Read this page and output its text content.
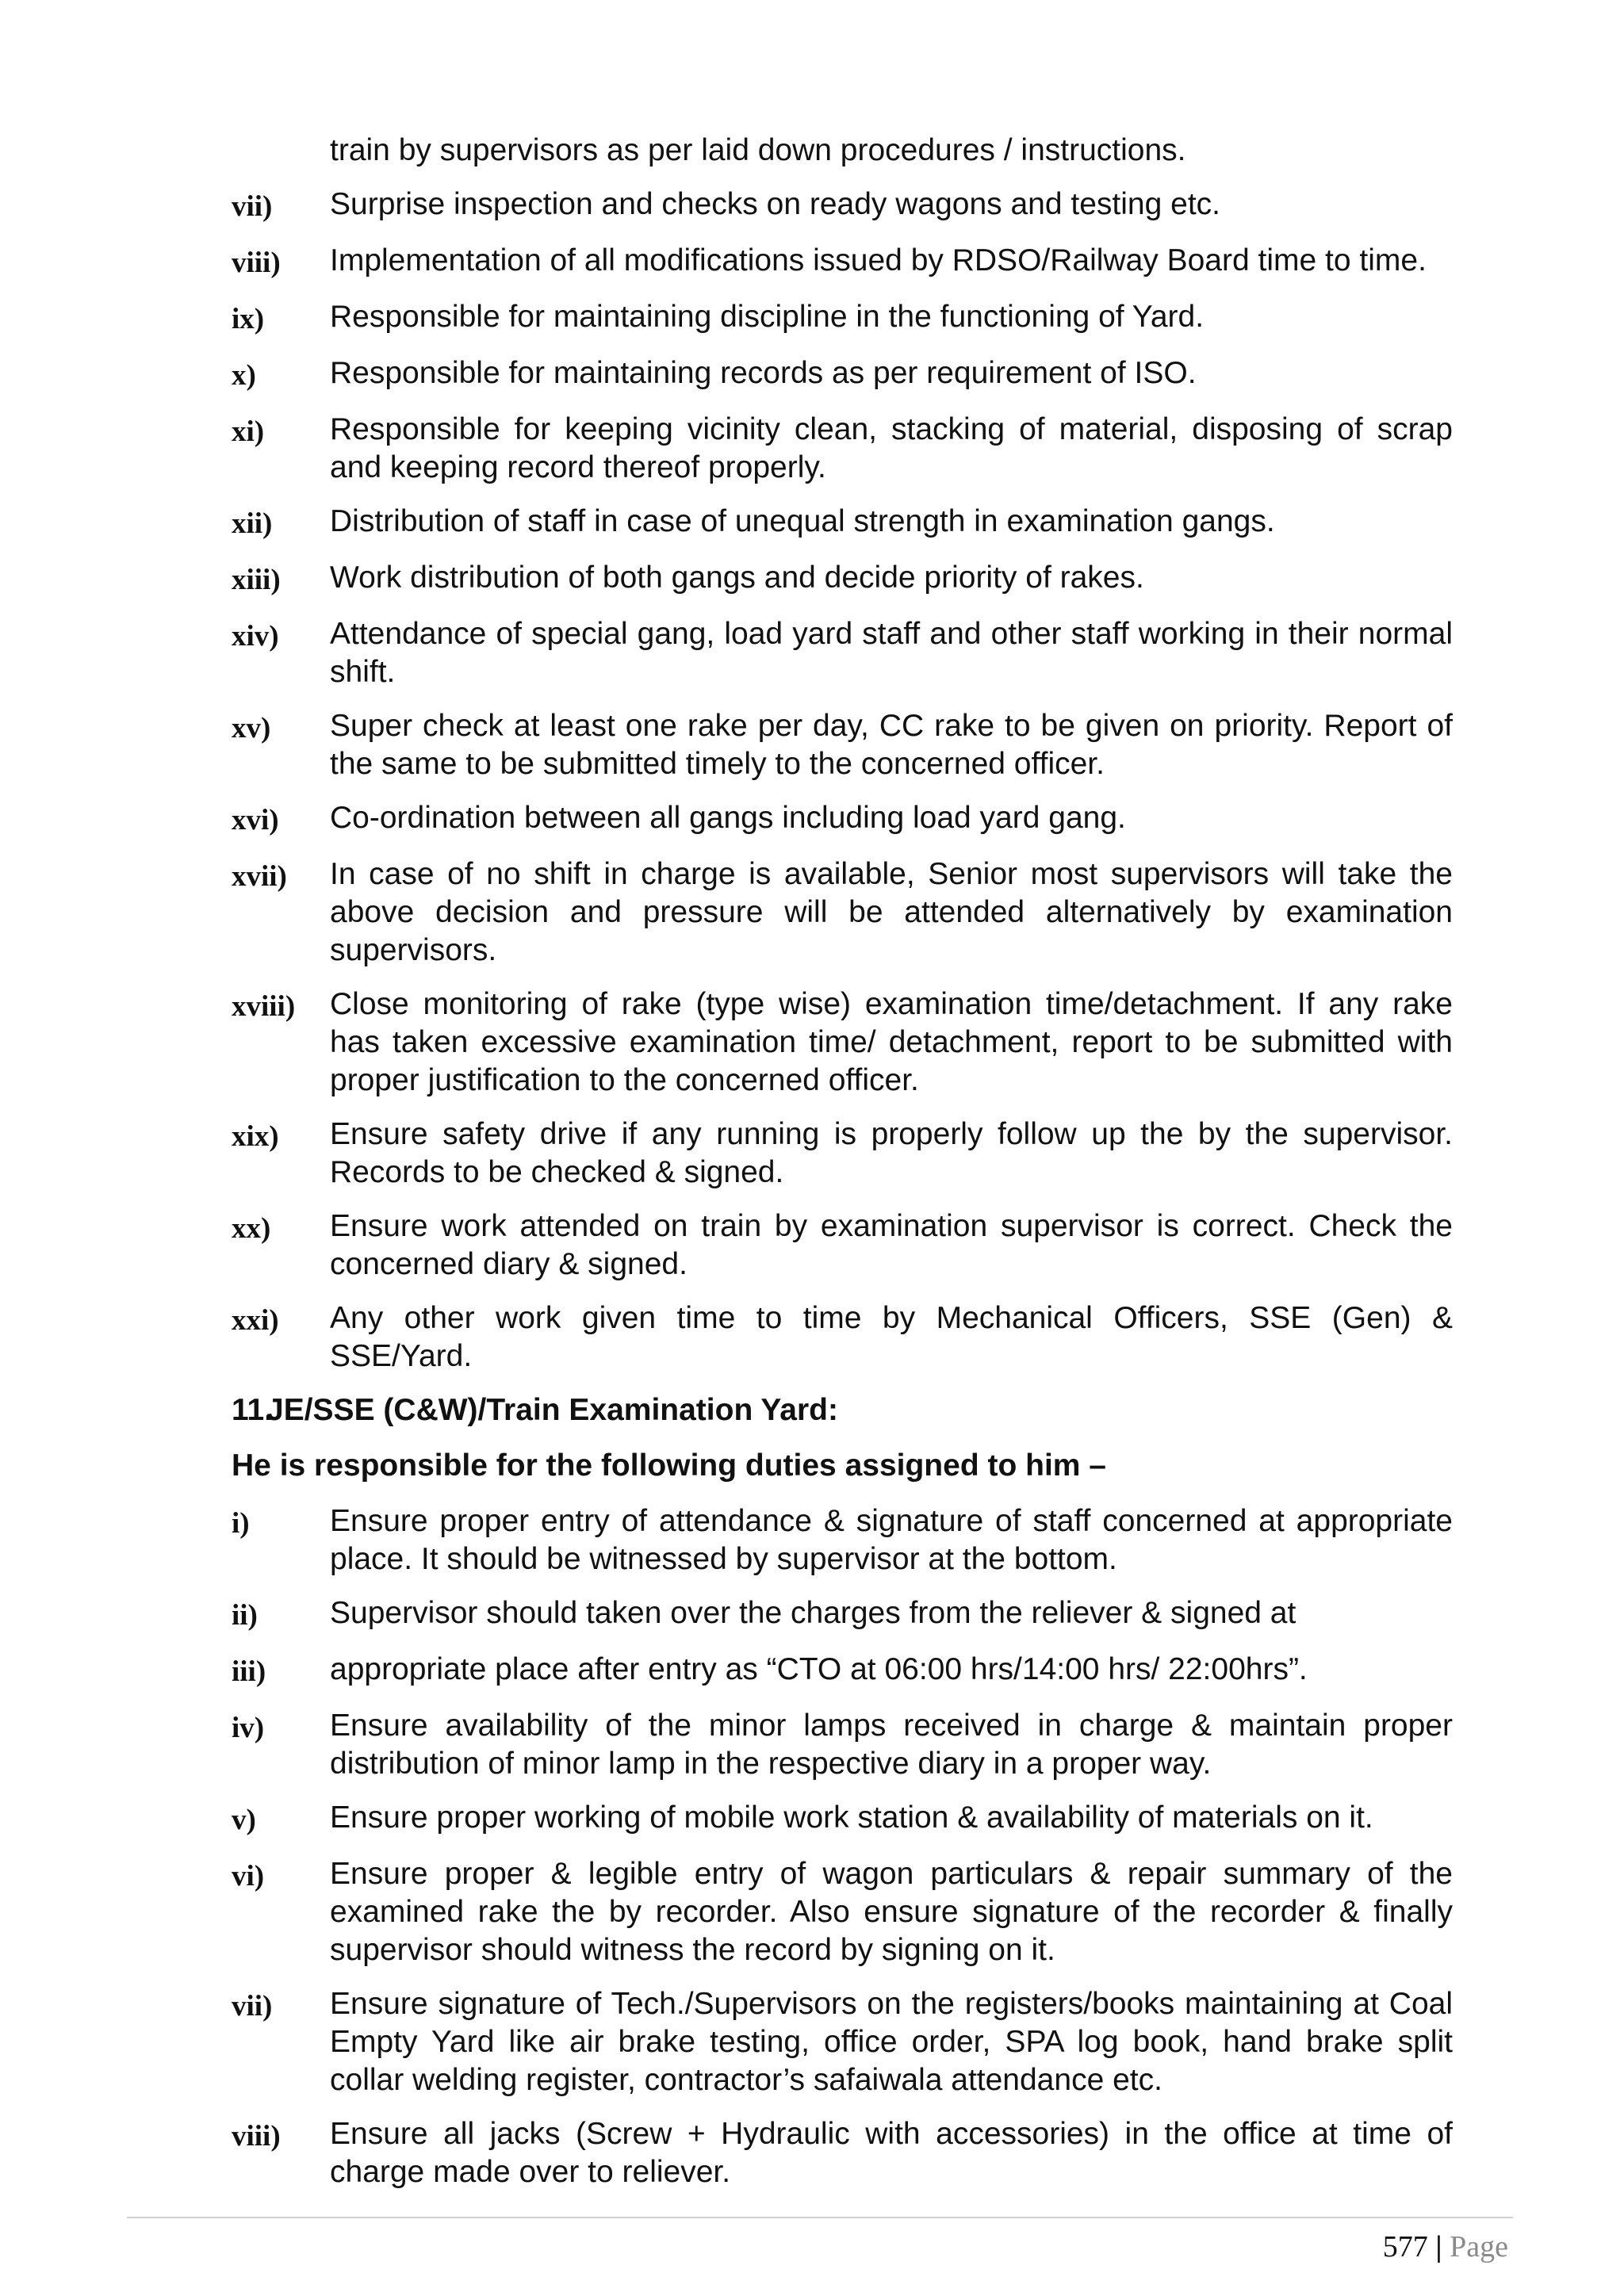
train by supervisors as per laid down procedures / instructions.
vii)	Surprise inspection and checks on ready wagons and testing etc.
viii)	Implementation of all modifications issued by RDSO/Railway Board time to time.
ix)	Responsible for maintaining discipline in the functioning of Yard.
x)	Responsible for maintaining records as per requirement of ISO.
xi)	Responsible for keeping vicinity clean, stacking of material, disposing of scrap and keeping record thereof properly.
xii)	Distribution of staff in case of unequal strength in examination gangs.
xiii)	Work distribution of both gangs and decide priority of rakes.
xiv)	Attendance of special gang, load yard staff and other staff working in their normal shift.
xv)	Super check at least one rake per day, CC rake to be given on priority. Report of the same to be submitted timely to the concerned officer.
xvi)	Co-ordination between all gangs including load yard gang.
xvii)	In case of no shift in charge is available, Senior most supervisors will take the above decision and pressure will be attended alternatively by examination supervisors.
xviii)	Close monitoring of rake (type wise) examination time/detachment. If any rake has taken excessive examination time/ detachment, report to be submitted with proper justification to the concerned officer.
xix)	Ensure safety drive if any running is properly follow up the by the supervisor. Records to be checked & signed.
xx)	Ensure work attended on train by examination supervisor is correct. Check the concerned diary & signed.
xxi)	Any other work given time to time by Mechanical Officers, SSE (Gen) & SSE/Yard.
11.JE/SSE (C&W)/Train Examination Yard:
He is responsible for the following duties assigned to him –
i)	Ensure proper entry of attendance & signature of staff concerned at appropriate place. It should be witnessed by supervisor at the bottom.
ii)	Supervisor should taken over the charges from the reliever & signed at
iii)	appropriate place after entry as “CTO at 06:00 hrs/14:00 hrs/ 22:00hrs”.
iv)	Ensure availability of the minor lamps received in charge & maintain proper distribution of minor lamp in the respective diary in a proper way.
v)	Ensure proper working of mobile work station & availability of materials on it.
vi)	Ensure proper & legible entry of wagon particulars & repair summary of the examined rake the by recorder. Also ensure signature of the recorder & finally supervisor should witness the record by signing on it.
vii)	Ensure signature of Tech./Supervisors on the registers/books maintaining at Coal Empty Yard like air brake testing, office order, SPA log book, hand brake split collar welding register, contractor’s safaiwala attendance etc.
viii)	Ensure all jacks (Screw + Hydraulic with accessories) in the office at time of charge made over to reliever.
577 | Page
